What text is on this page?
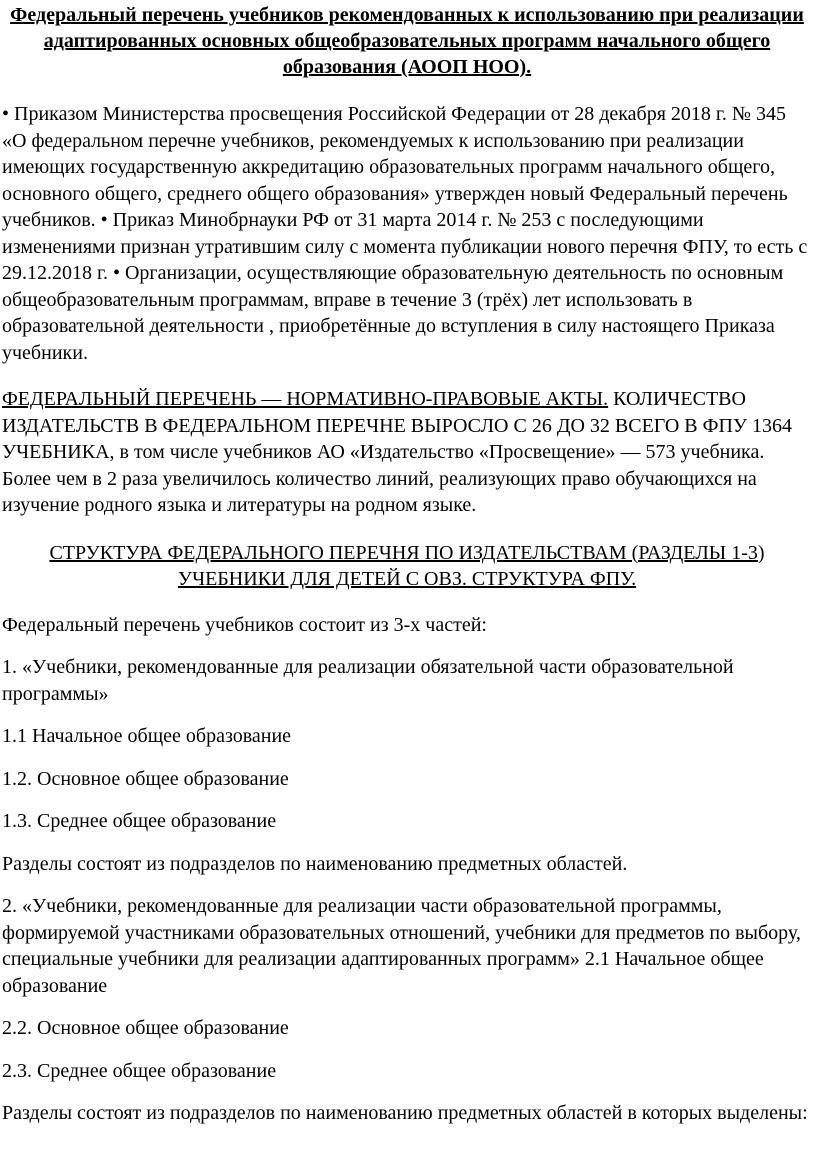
Федеральный перечень учебников рекомендованных к использованию при реализации адаптированных основных общеобразовательных программ начального общего образования (АООП НОО).

• Приказом Министерства просвещения Российской Федерации от 28 декабря 2018 г. № 345 «О федеральном перечне учебников, рекомендуемых к использованию при реализации имеющих государственную аккредитацию образовательных программ начального общего, основного общего, среднего общего образования» утвержден новый Федеральный перечень учебников. • Приказ Минобрнауки РФ от 31 марта 2014 г. № 253 с последующими изменениями признан утратившим силу с момента публикации нового перечня ФПУ, то есть с 29.12.2018 г. • Организации, осуществляющие образовательную деятельность по основным общеобразовательным программам, вправе в течение 3 (трёх) лет использовать в образовательной деятельности , приобретённые до вступления в силу настоящего Приказа учебники.

ФЕДЕРАЛЬНЫЙ ПЕРЕЧЕНЬ — НОРМАТИВНО-ПРАВОВЫЕ АКТЫ. КОЛИЧЕСТВО ИЗДАТЕЛЬСТВ В ФЕДЕРАЛЬНОМ ПЕРЕЧНЕ ВЫРОСЛО С 26 ДО 32 ВСЕГО В ФПУ 1364 УЧЕБНИКА, в том числе учебников АО «Издательство «Просвещение» — 573 учебника. Более чем в 2 раза увеличилось количество линий, реализующих право обучающихся на изучение родного языка и литературы на родном языке.

СТРУКТУРА ФЕДЕРАЛЬНОГО ПЕРЕЧНЯ ПО ИЗДАТЕЛЬСТВАМ (РАЗДЕЛЫ 1-3) УЧЕБНИКИ ДЛЯ ДЕТЕЙ С ОВЗ. СТРУКТУРА ФПУ.

Федеральный перечень учебников состоит из 3-х частей:

1. «Учебники, рекомендованные для реализации обязательной части образовательной программы»

1.1 Начальное общее образование

1.2. Основное общее образование

1.3. Среднее общее образование

Разделы состоят из подразделов по наименованию предметных областей.

2. «Учебники, рекомендованные для реализации части образовательной программы, формируемой участниками образовательных отношений, учебники для предметов по выбору, специальные учебники для реализации адаптированных программ» 2.1 Начальное общее образование

2.2. Основное общее образование

2.3. Среднее общее образование

Разделы состоят из подразделов по наименованию предметных областей в которых выделены:
